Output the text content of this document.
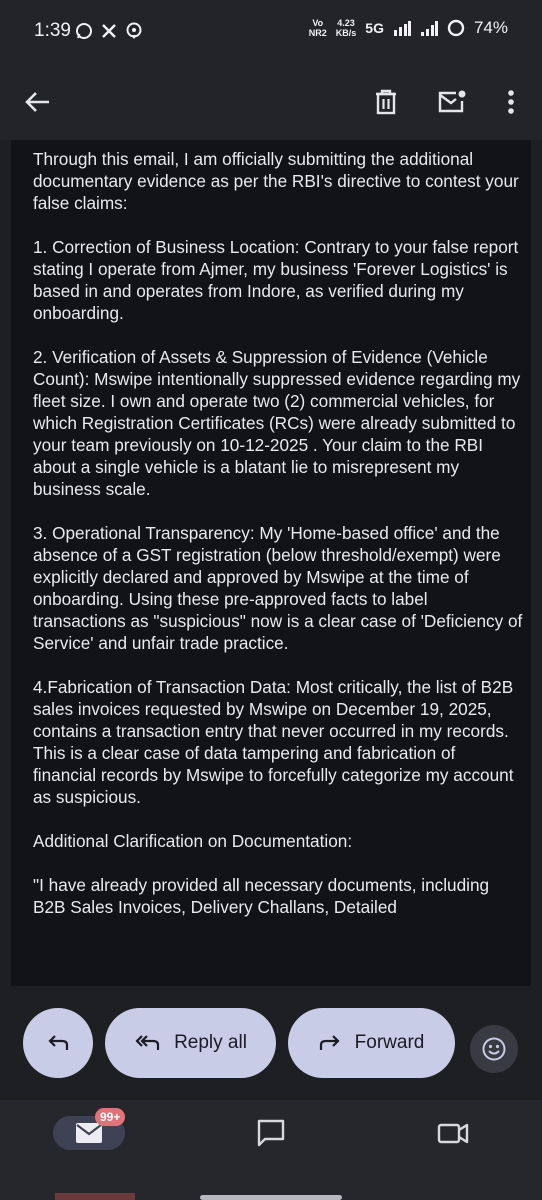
1:39	Vo
NR2
4.23
KB/s 5G	74%

Through this email, I am officially submitting the additional documentary evidence as per the RBI's directive to contest your false claims:

1. Correction of Business Location: Contrary to your false report stating I operate from Ajmer, my business 'Forever Logistics' is based in and operates from Indore, as verified during my onboarding.

2. Verification of Assets & Suppression of Evidence (Vehicle Count): Mswipe intentionally suppressed evidence regarding my fleet size. I own and operate two (2) commercial vehicles, for which Registration Certificates (RCs) were already submitted to your team previously on 10-12-2025 . Your claim to the RBI about a single vehicle is a blatant lie to misrepresent my business scale.

3. Operational Transparency: My 'Home-based office' and the absence of a GST registration (below threshold/exempt) were explicitly declared and approved by Mswipe at the time of onboarding. Using these pre-approved facts to label transactions as "suspicious" now is a clear case of 'Deficiency of Service' and unfair trade practice.

4.Fabrication of Transaction Data: Most critically, the list of B2B sales invoices requested by Mswipe on December 19, 2025, contains a transaction entry that never occurred in my records. This is a clear case of data tampering and fabrication of financial records by Mswipe to forcefully categorize my account as suspicious.

Additional Clarification on Documentation:

"I have already provided all necessary documents, including B2B Sales Invoices, Delivery Challans, Detailed

Reply all	Forward
99+
